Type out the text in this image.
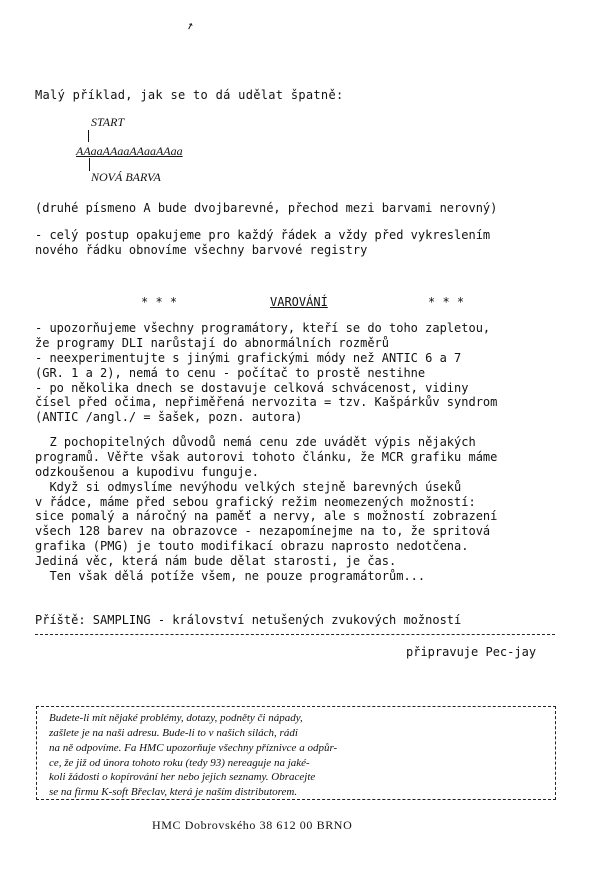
↗
Malý příklad, jak se to dá udělat špatně:
START
AAaaAAaaAAaaAAaa
NOVÁ BARVA
(druhé písmeno A bude dvojbarevné, přechod mezi barvami nerovný)
- celý postup opakujeme pro každý řádek a vždy před vykreslením
nového řádku obnovíme všechny barvové registry
* * *	VAROVÁNÍ	* * *
- upozorňujeme všechny programátory, kteří se do toho zapletou,
že programy DLI narůstají do abnormálních rozměrů
- neexperimentujte s jinými grafickými módy než ANTIC 6 a 7
(GR. 1 a 2), nemá to cenu - počítač to prostě nestihne
- po několika dnech se dostavuje celková schvácenost, vidiny
čísel před očima, nepřiměřená nervozita = tzv. Kašpárkův syndrom
(ANTIC /angl./ = šašek, pozn. autora)
Z pochopitelných důvodů nemá cenu zde uvádět výpis nějakých
programů. Věřte však autorovi tohoto článku, že MCR grafiku máme
odzkoušenou a kupodivu funguje.
Když si odmyslíme nevýhodu velkých stejně barevných úseků
v řádce, máme před sebou grafický režim neomezených možností:
sice pomalý a náročný na paměť a nervy, ale s možností zobrazení
všech 128 barev na obrazovce - nezapomínejme na to, že spritová
grafika (PMG) je touto modifikací obrazu naprosto nedotčena.
Jediná věc, která nám bude dělat starosti, je čas.
Ten však dělá potíže všem, ne pouze programátorům...
Příště: SAMPLING - království netušených zvukových možností
připravuje Pec-jay
Budete-li mít nějaké problémy, dotazy, podněty či nápady,
zašlete je na naši adresu. Bude-li to v našich silách, rádi
na ně odpovíme. Fa HMC upozorňuje všechny příznivce a odpůr-
ce, že již od února tohoto roku (tedy 93) nereaguje na jaké-
koli žádosti o kopírování her nebo jejich seznamy. Obracejte
se na firmu K-soft Břeclav, která je naším distributorem.
HMC Dobrovského 38 612 00 BRNO
